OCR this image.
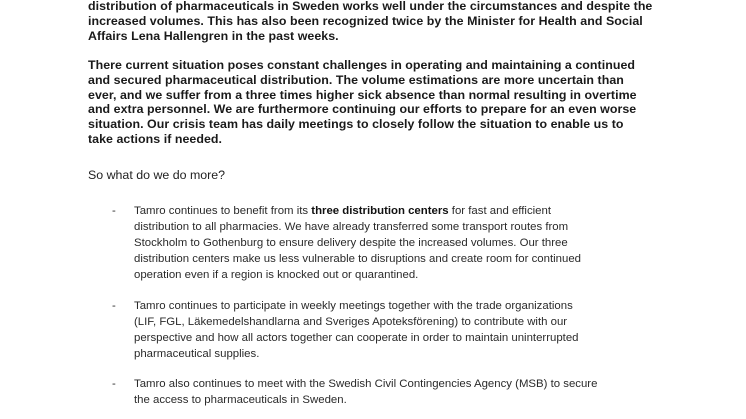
distribution of pharmaceuticals in Sweden works well under the circumstances and despite the
increased volumes. This has also been recognized twice by the Minister for Health and Social
Affairs Lena Hallengren in the past weeks.
There current situation poses constant challenges in operating and maintaining a continued
and secured pharmaceutical distribution. The volume estimations are more uncertain than
ever, and we suffer from a three times higher sick absence than normal resulting in overtime
and extra personnel. We are furthermore continuing our efforts to prepare for an even worse
situation. Our crisis team has daily meetings to closely follow the situation to enable us to
take actions if needed.
So what do we do more?
- Tamro continues to benefit from its three distribution centers for fast and efficient
distribution to all pharmacies. We have already transferred some transport routes from
Stockholm to Gothenburg to ensure delivery despite the increased volumes. Our three
distribution centers make us less vulnerable to disruptions and create room for continued
operation even if a region is knocked out or quarantined.
- Tamro continues to participate in weekly meetings together with the trade organizations
(LIF, FGL, Läkemedelshandlarna and Sveriges Apoteksförening) to contribute with our
perspective and how all actors together can cooperate in order to maintain uninterrupted
pharmaceutical supplies.
- Tamro also continues to meet with the Swedish Civil Contingencies Agency (MSB) to secure
the access to pharmaceuticals in Sweden.
